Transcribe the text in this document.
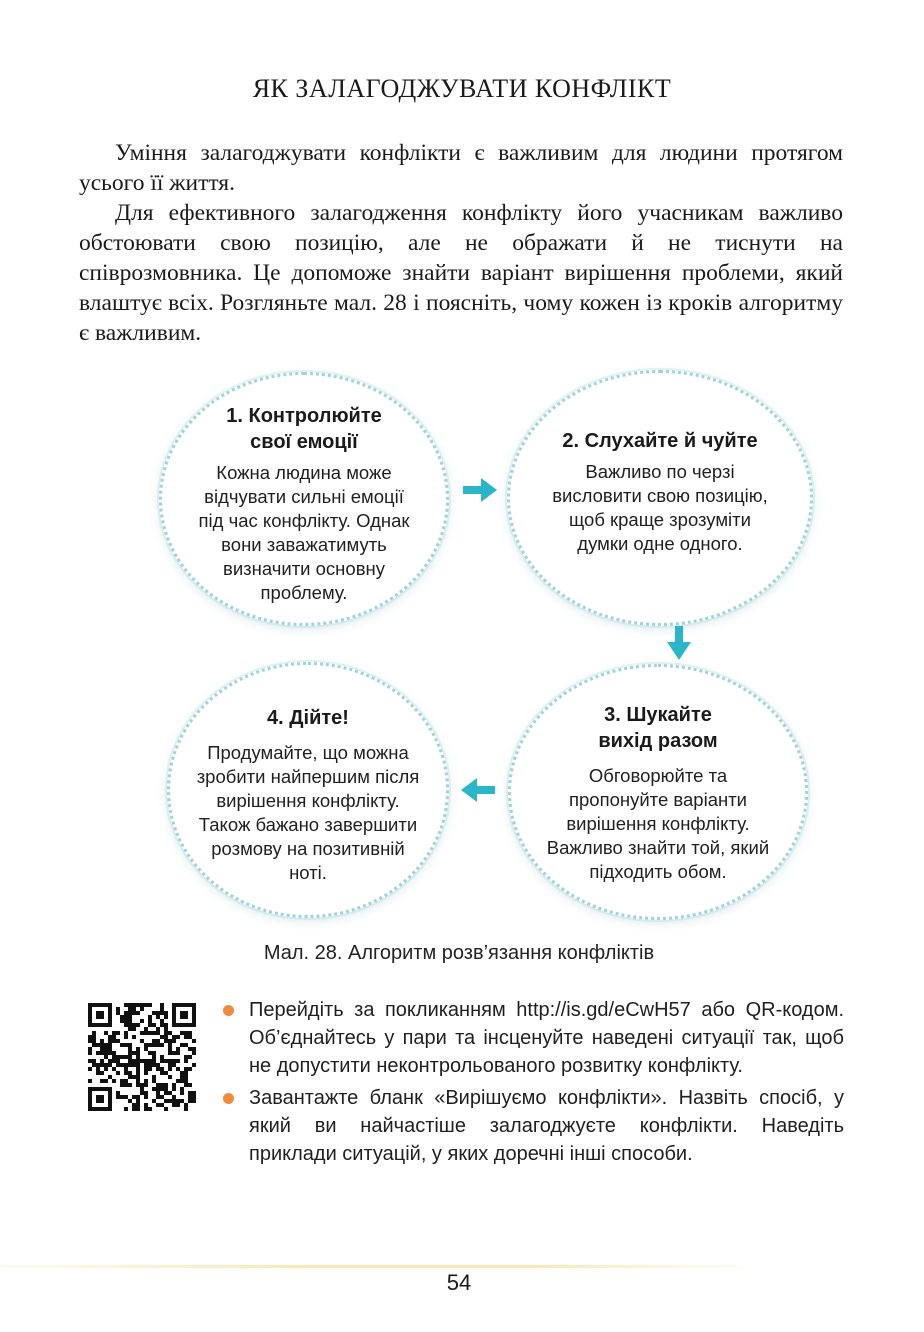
ЯК ЗАЛАГОДЖУВАТИ КОНФЛІКТ

Уміння залагоджувати конфлікти є важливим для людини протягом усього її життя.

Для ефективного залагодження конфлікту його учасникам важливо обстоювати свою позицію, але не ображати й не тиснути на співрозмовника. Це допоможе знайти варіант вирішення проблеми, який влаштує всіх. Розгляньте мал. 28 і поясніть, чому кожен із кроків алгоритму є важливим.

1. Контролюйте
свої емоції
Кожна людина може
відчувати сильні емоції
під час конфлікту. Однак
вони заважатимуть
визначити основну
проблему.
2. Слухайте й чуйте
Важливо по черзі
висловити свою позицію,
щоб краще зрозуміти
думки одне одного.
3. Шукайте
вихід разом
Обговорюйте та
пропонуйте варіанти
вирішення конфлікту.
Важливо знайти той, який
підходить обом.
4. Дійте!
Продумайте, що можна
зробити найпершим після
вирішення конфлікту.
Також бажано завершити
розмову на позитивній
ноті.
Мал. 28. Алгоритм розв’язання конфліктів
Перейдіть за покликанням http://is.gd/eCwH57 або QR-кодом. Об’єднайтесь у пари та інсценуйте наведені ситуації так, щоб не допустити неконтрольованого розвитку конфлікту.
Завантажте бланк «Вирішуємо конфлікти». Назвіть спосіб, у який ви найчастіше залагоджуєте конфлікти. Наведіть приклади ситуацій, у яких доречні інші способи.
54
